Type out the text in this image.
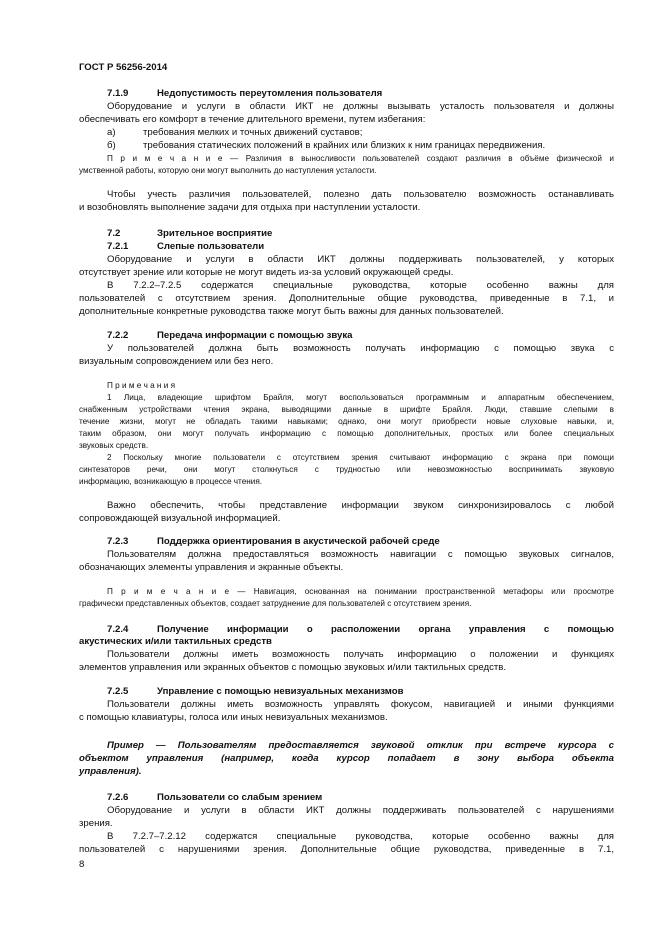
ГОСТ Р 56256-2014
7.1.9	Недопустимость переутомления пользователя
Оборудование и услуги в области ИКТ не должны вызывать усталость пользователя и должны
обеспечивать его комфорт в течение длительного времени, путем избегания:
а)	требования мелких и точных движений суставов;
б)	требования статических положений в крайних или близких к ним границах передвижения.
П р и м е ч а н и е — Различия в выносливости пользователей создают различия в объёме физической и
умственной работы, которую они могут выполнить до наступления усталости.
Чтобы учесть различия пользователей, полезно дать пользователю возможность останавливать
и возобновлять выполнение задачи для отдыха при наступлении усталости.
7.2	Зрительное восприятие
7.2.1	Слепые пользователи
Оборудование и услуги в области ИКТ должны поддерживать пользователей, у которых
отсутствует зрение или которые не могут видеть из-за условий окружающей среды.
В 7.2.2–7.2.5 содержатся специальные руководства, которые особенно важны для
пользователей с отсутствием зрения. Дополнительные общие руководства, приведенные в 7.1, и
дополнительные конкретные руководства также могут быть важны для данных пользователей.
7.2.2	Передача информации с помощью звука
У пользователей должна быть возможность получать информацию с помощью звука с
визуальным сопровождением или без него.
П р и м е ч а н и я
1 Лица, владеющие шрифтом Брайля, могут воспользоваться программным и аппаратным обеспечением,
снабженным устройствами чтения экрана, выводящими данные в шрифте Брайля. Люди, ставшие слепыми в
течение жизни, могут не обладать такими навыками; однако, они могут приобрести новые слуховые навыки, и,
таким образом, они могут получать информацию с помощью дополнительных, простых или более специальных
звуковых средств.
2 Поскольку многие пользователи с отсутствием зрения считывают информацию с экрана при помощи
синтезаторов речи, они могут столкнуться с трудностью или невозможностью воспринимать звуковую
информацию, возникающую в процессе чтения.
Важно обеспечить, чтобы представление информации звуком синхронизировалось с любой
сопровождающей визуальной информацией.
7.2.3	Поддержка ориентирования в акустической рабочей среде
Пользователям должна предоставляться возможность навигации с помощью звуковых сигналов,
обозначающих элементы управления и экранные объекты.
П р и м е ч а н и е — Навигация, основанная на понимании пространственной метафоры или просмотре
графически представленных объектов, создает затруднение для пользователей с отсутствием зрения.
7.2.4	Получение информации о расположении органа управления с помощью
акустических и/или тактильных средств
Пользователи должны иметь возможность получать информацию о положении и функциях
элементов управления или экранных объектов с помощью звуковых и/или тактильных средств.
7.2.5	Управление с помощью невизуальных механизмов
Пользователи должны иметь возможность управлять фокусом, навигацией и иными функциями
с помощью клавиатуры, голоса или иных невизуальных механизмов.
Пример — Пользователям предоставляется звуковой отклик при встрече курсора с
объектом управления (например, когда курсор попадает в зону выбора объекта
управления).
7.2.6	Пользователи со слабым зрением
Оборудование и услуги в области ИКТ должны поддерживать пользователей с нарушениями
зрения.
В 7.2.7–7.2.12 содержатся специальные руководства, которые особенно важны для
пользователей с нарушениями зрения. Дополнительные общие руководства, приведенные в 7.1,
8
